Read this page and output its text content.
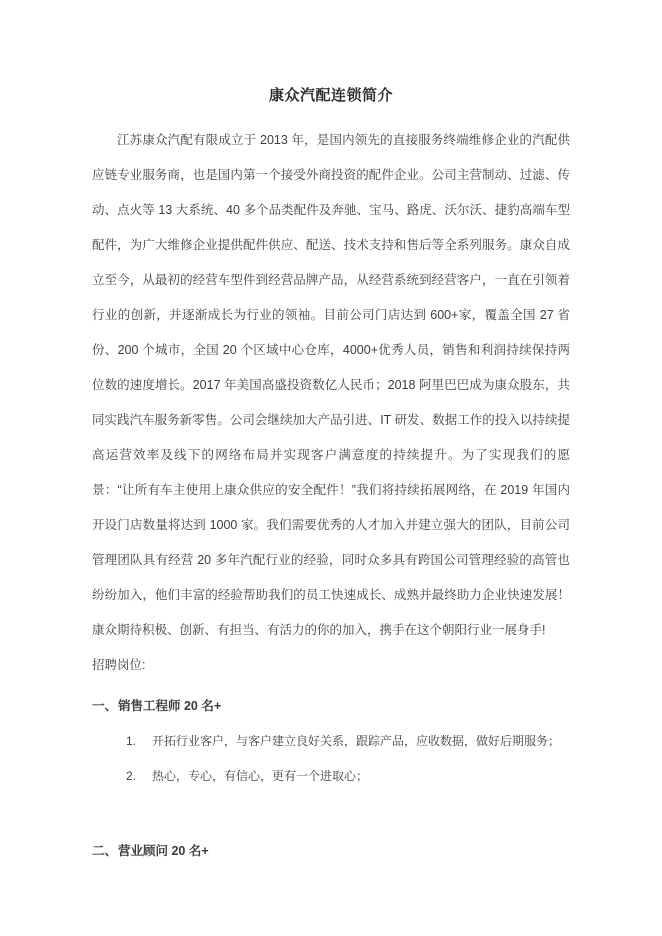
康众汽配连锁简介

江苏康众汽配有限成立于 2013 年，是国内领先的直接服务终端维修企业的汽配供应链专业服务商，也是国内第一个接受外商投资的配件企业。公司主营制动、过滤、传动、点火等 13 大系统、40 多个品类配件及奔驰、宝马、路虎、沃尔沃、捷豹高端车型配件，为广大维修企业提供配件供应、配送、技术支持和售后等全系列服务。康众自成立至今，从最初的经营车型件到经营品牌产品，从经营系统到经营客户，一直在引领着行业的创新，并逐渐成长为行业的领袖。目前公司门店达到 600+家，覆盖全国 27 省份、200 个城市，全国 20 个区域中心仓库，4000+优秀人员，销售和利润持续保持两位数的速度增长。2017 年美国高盛投资数亿人民币；2018 阿里巴巴成为康众股东，共同实践汽车服务新零售。公司会继续加大产品引进、IT 研发、数据工作的投入以持续提高运营效率及线下的网络布局并实现客户满意度的持续提升。为了实现我们的愿景：“让所有车主使用上康众供应的安全配件！”我们将持续拓展网络，在 2019 年国内开设门店数量将达到 1000 家。我们需要优秀的人才加入并建立强大的团队，目前公司管理团队具有经营 20 多年汽配行业的经验，同时众多具有跨国公司管理经验的高管也纷纷加入，他们丰富的经验帮助我们的员工快速成长、成熟并最终助力企业快速发展！康众期待积极、创新、有担当、有活力的你的加入，携手在这个朝阳行业一展身手!

招聘岗位:

一、 销售工程师 20 名+
1. 开拓行业客户，与客户建立良好关系，跟踪产品，应收数据，做好后期服务；
2. 热心，专心，有信心，更有一个进取心；
二、 营业顾问 20 名+
